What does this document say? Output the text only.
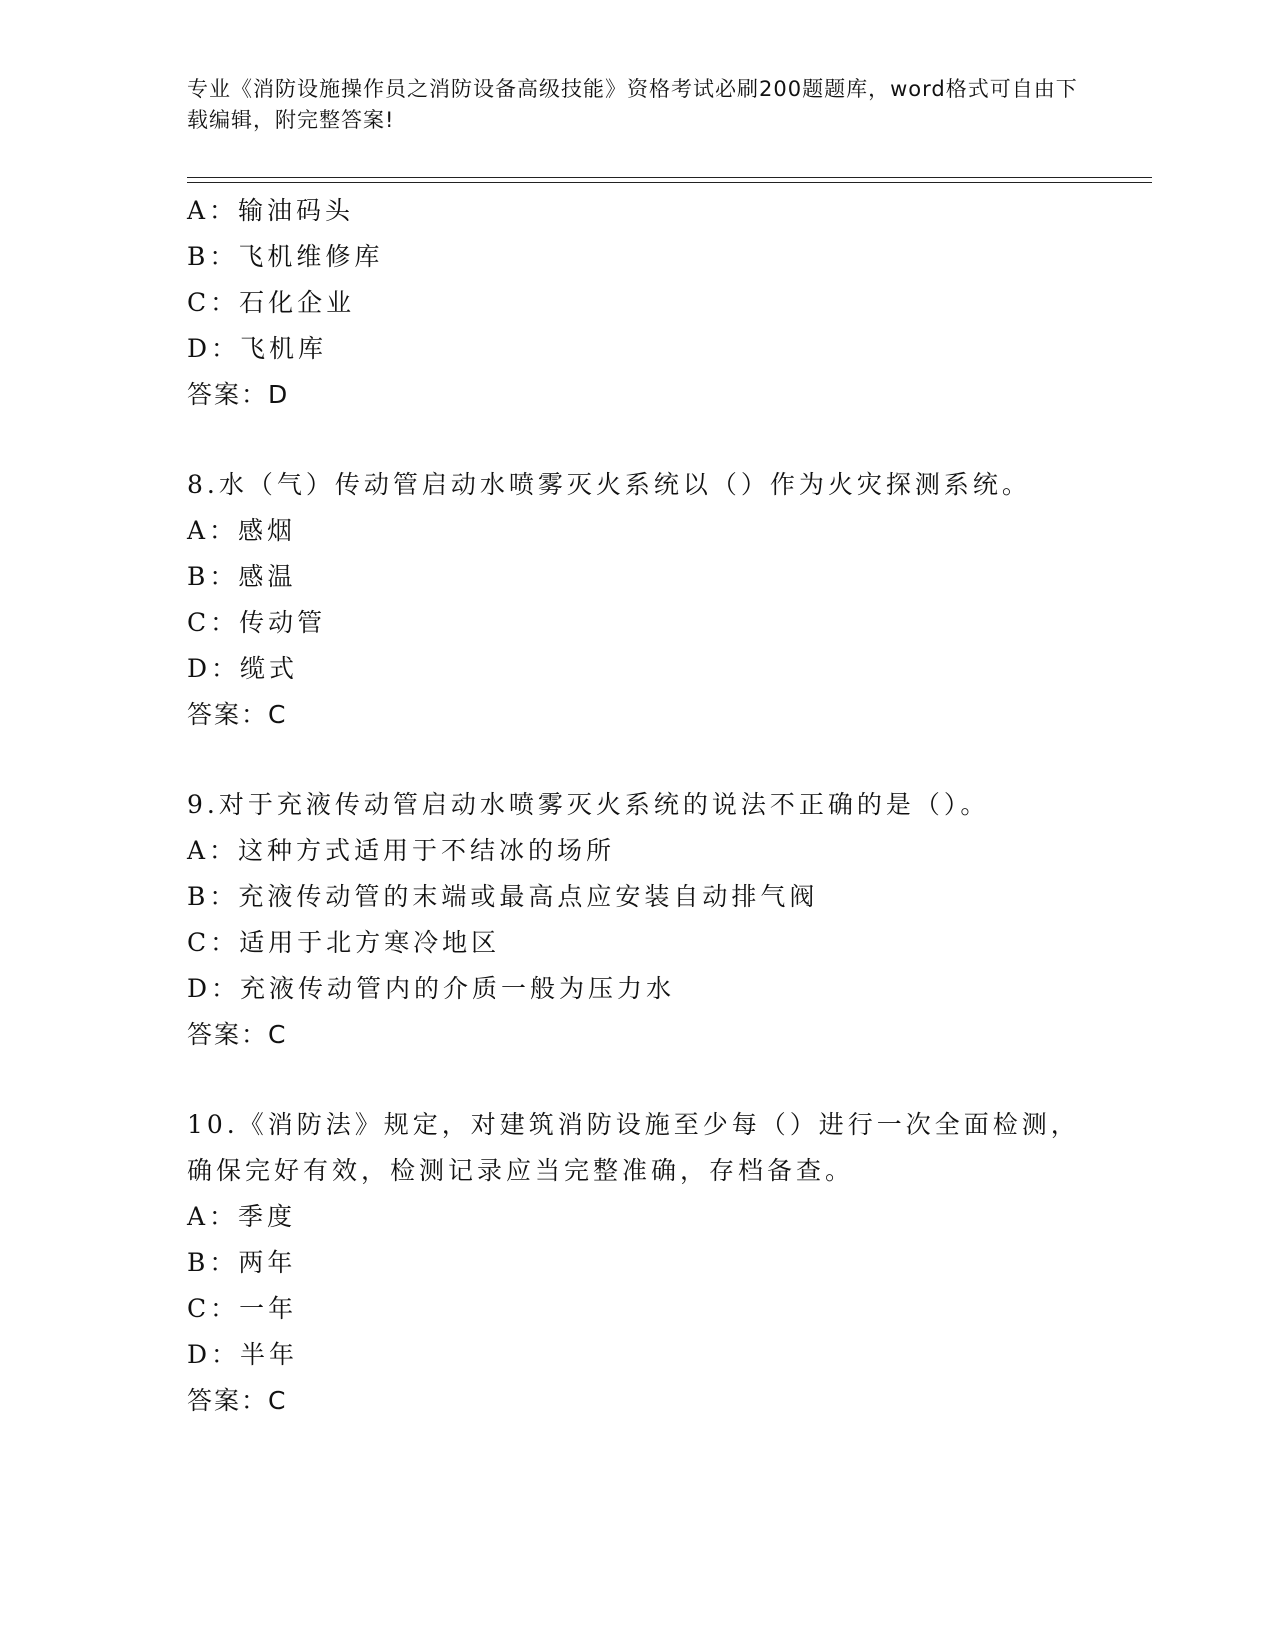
专业《消防设施操作员之消防设备高级技能》资格考试必刷200题题库，word格式可自由下载编辑，附完整答案!
A：输油码头
B：飞机维修库
C：石化企业
D：飞机库
答案：D
8.水（气）传动管启动水喷雾灭火系统以（）作为火灾探测系统。
A：感烟
B：感温
C：传动管
D：缆式
答案：C
9.对于充液传动管启动水喷雾灭火系统的说法不正确的是（）。
A：这种方式适用于不结冰的场所
B：充液传动管的末端或最高点应安装自动排气阀
C：适用于北方寒冷地区
D：充液传动管内的介质一般为压力水
答案：C
10.《消防法》规定，对建筑消防设施至少每（）进行一次全面检测，确保完好有效，检测记录应当完整准确，存档备查。
A：季度
B：两年
C：一年
D：半年
答案：C
